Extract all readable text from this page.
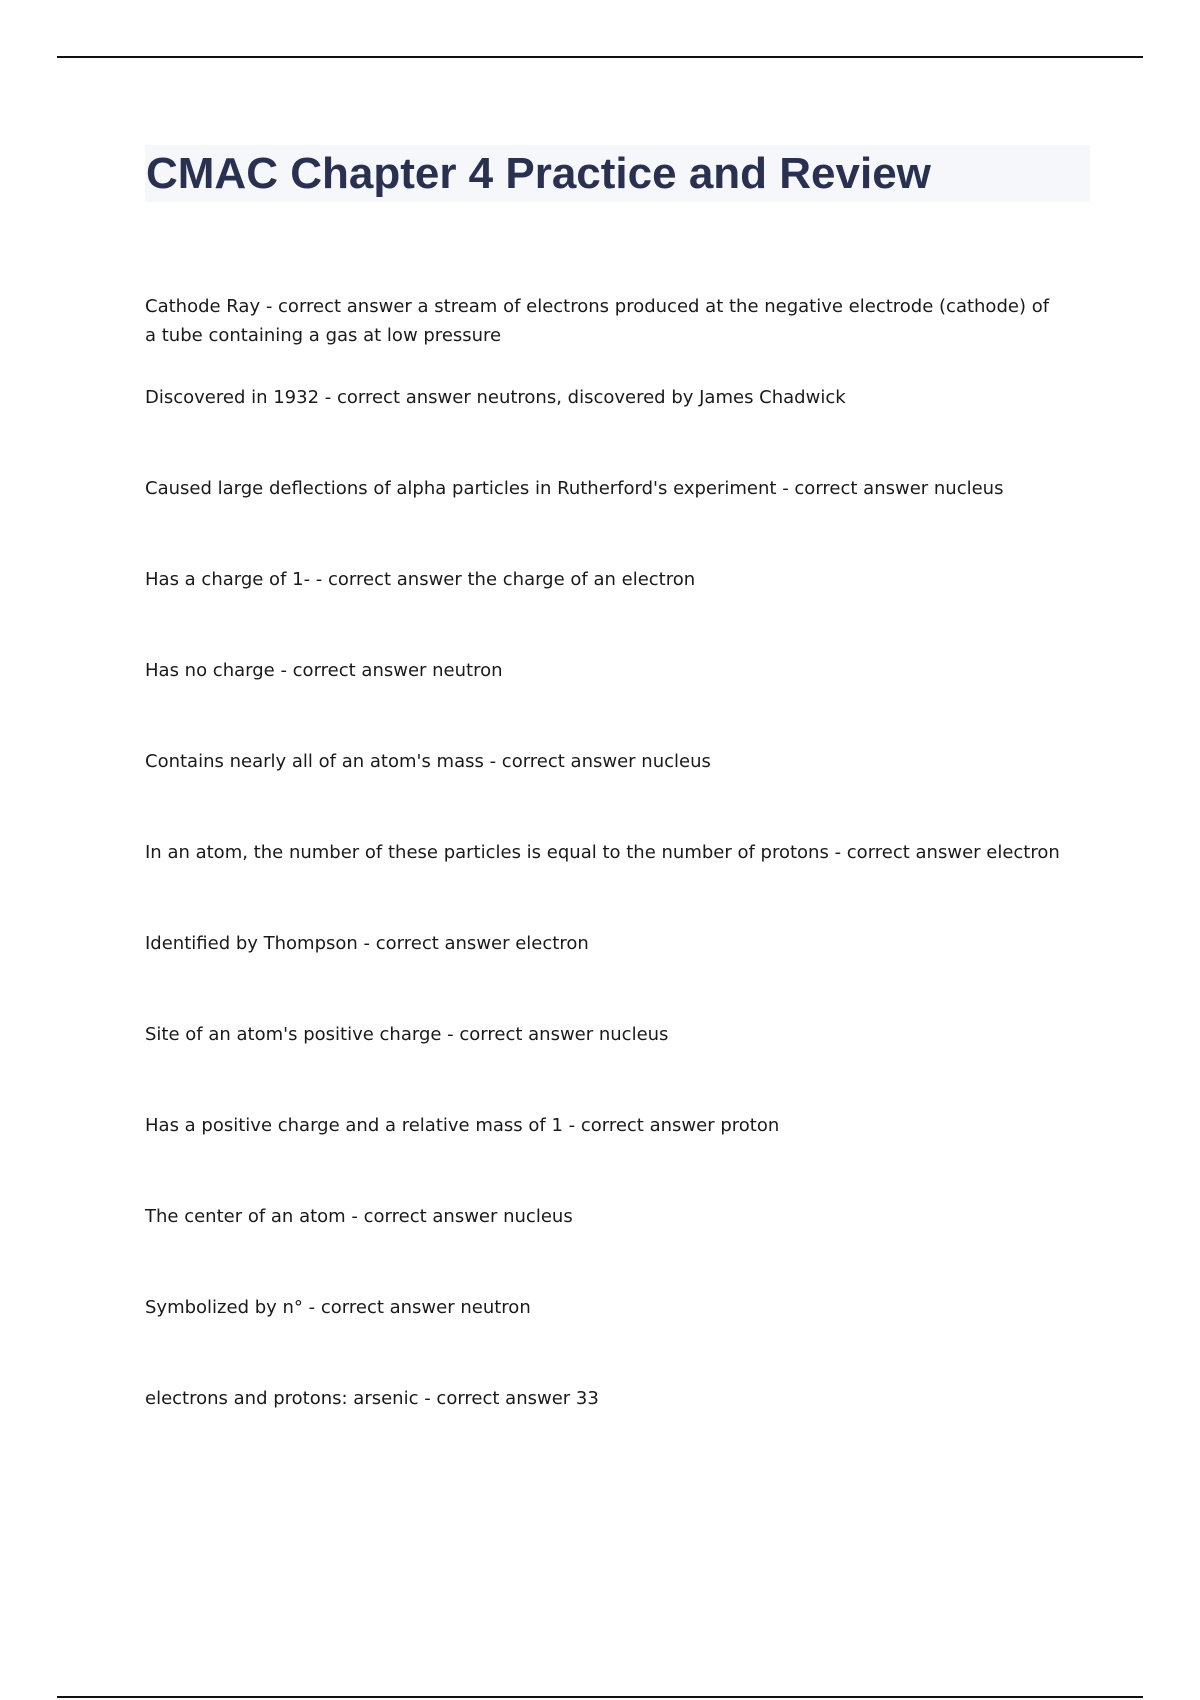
CMAC Chapter 4 Practice and Review
Cathode Ray - correct answer a stream of electrons produced at the negative electrode (cathode) of a tube containing a gas at low pressure
Discovered in 1932 - correct answer neutrons, discovered by James Chadwick
Caused large deflections of alpha particles in Rutherford's experiment - correct answer nucleus
Has a charge of 1- - correct answer the charge of an electron
Has no charge - correct answer neutron
Contains nearly all of an atom's mass - correct answer nucleus
In an atom, the number of these particles is equal to the number of protons - correct answer electron
Identified by Thompson - correct answer electron
Site of an atom's positive charge - correct answer nucleus
Has a positive charge and a relative mass of 1 - correct answer proton
The center of an atom - correct answer nucleus
Symbolized by n° - correct answer neutron
electrons and protons: arsenic - correct answer 33
